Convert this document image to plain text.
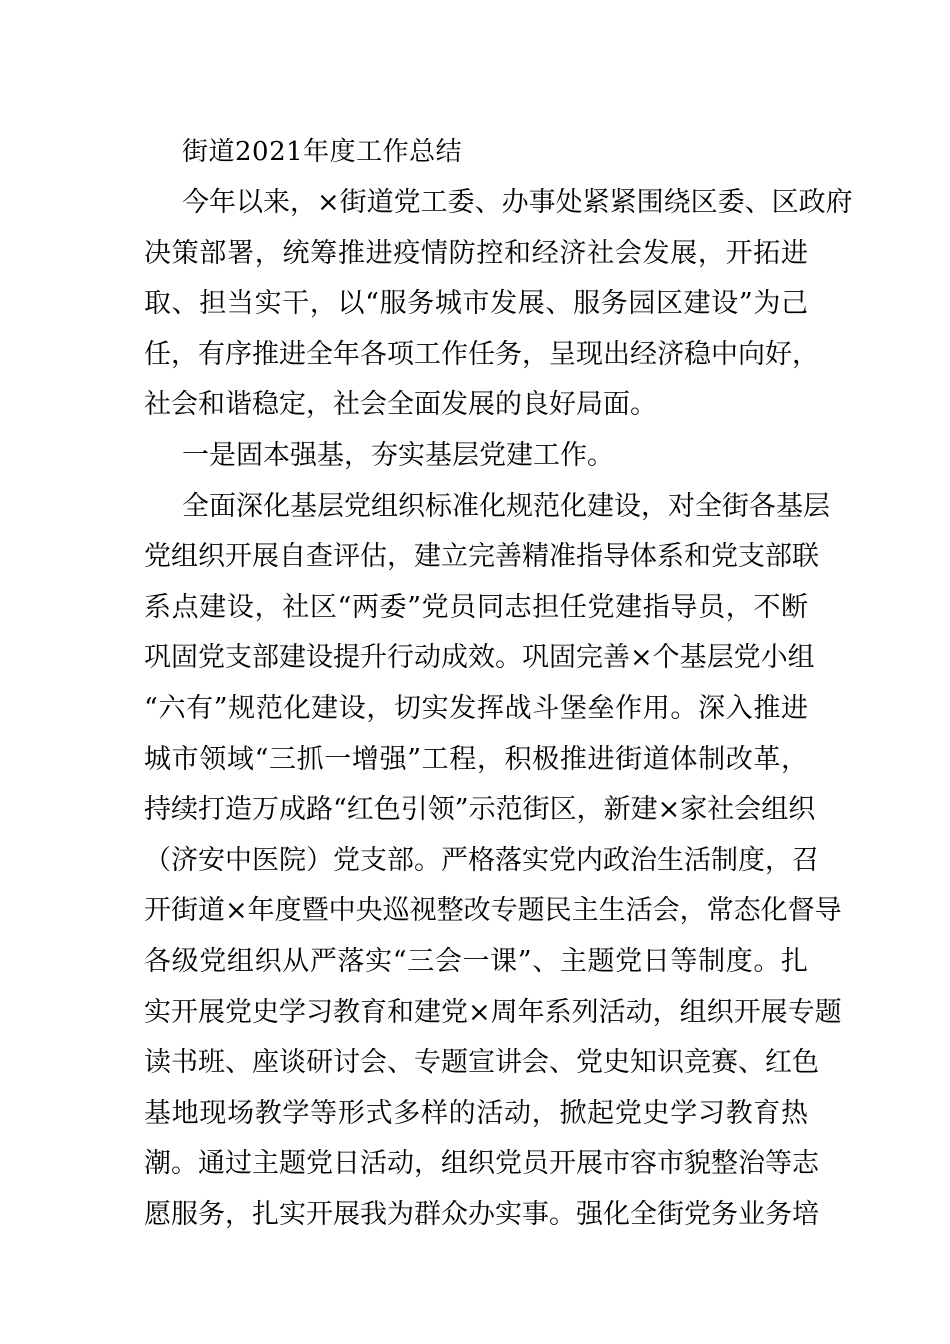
街道2021年度工作总结
今年以来，×街道党工委、办事处紧紧围绕区委、区政府
决策部署，统筹推进疫情防控和经济社会发展，开拓进
取、担当实干，以“服务城市发展、服务园区建设”为己
任，有序推进全年各项工作任务，呈现出经济稳中向好，
社会和谐稳定，社会全面发展的良好局面。
一是固本强基，夯实基层党建工作。
全面深化基层党组织标准化规范化建设，对全街各基层
党组织开展自查评估，建立完善精准指导体系和党支部联
系点建设，社区“两委”党员同志担任党建指导员，不断
巩固党支部建设提升行动成效。巩固完善×个基层党小组
“六有”规范化建设，切实发挥战斗堡垒作用。深入推进
城市领域“三抓一增强”工程，积极推进街道体制改革，
持续打造万成路“红色引领”示范街区，新建×家社会组织
（济安中医院）党支部。严格落实党内政治生活制度，召
开街道×年度暨中央巡视整改专题民主生活会，常态化督导
各级党组织从严落实“三会一课”、主题党日等制度。扎
实开展党史学习教育和建党×周年系列活动，组织开展专题
读书班、座谈研讨会、专题宣讲会、党史知识竞赛、红色
基地现场教学等形式多样的活动，掀起党史学习教育热
潮。通过主题党日活动，组织党员开展市容市貌整治等志
愿服务，扎实开展我为群众办实事。强化全街党务业务培
